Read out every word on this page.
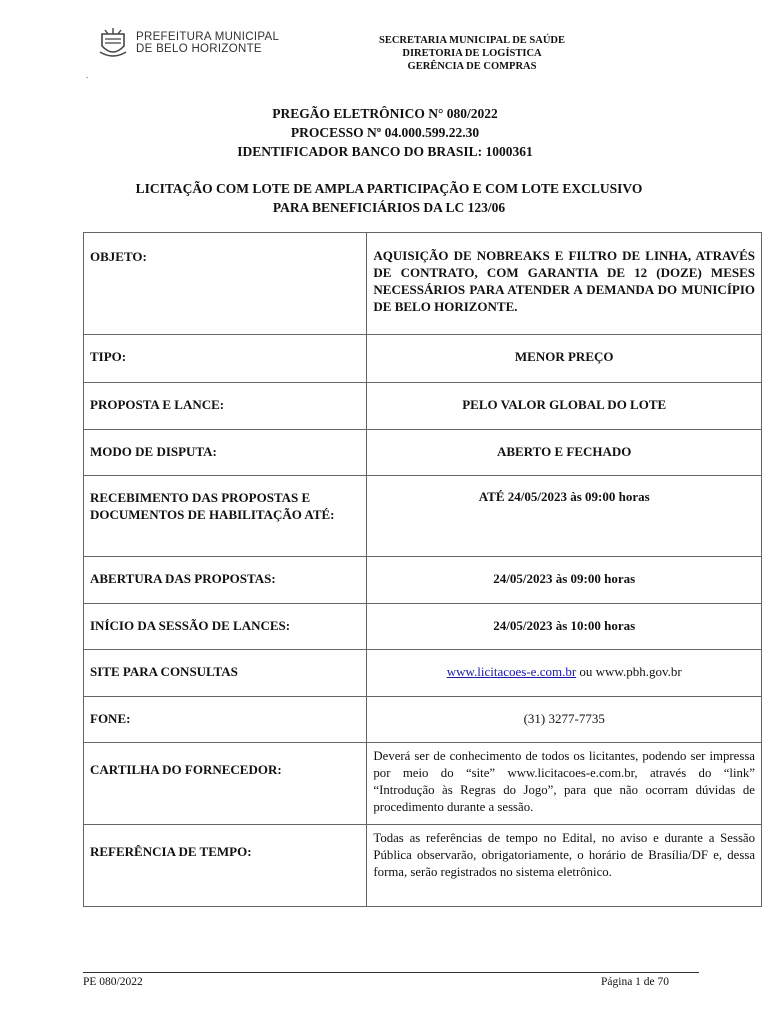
PREFEITURA MUNICIPAL
DE BELO HORIZONTE
.
SECRETARIA MUNICIPAL DE SAÚDE
DIRETORIA DE LOGÍSTICA
GERÊNCIA DE COMPRAS
PREGÃO ELETRÔNICO N° 080/2022
PROCESSO Nº 04.000.599.22.30
IDENTIFICADOR BANCO DO BRASIL: 1000361
LICITAÇÃO COM LOTE DE AMPLA PARTICIPAÇÃO E COM LOTE EXCLUSIVO
PARA BENEFICIÁRIOS DA LC 123/06
OBJETO:	AQUISIÇÃO DE NOBREAKS E FILTRO DE LINHA, ATRAVÉS DE CONTRATO, COM GARANTIA DE 12 (DOZE) MESES NECESSÁRIOS PARA ATENDER A DEMANDA DO MUNICÍPIO DE BELO HORIZONTE.
TIPO:	MENOR PREÇO
PROPOSTA E LANCE:	PELO VALOR GLOBAL DO LOTE
MODO DE DISPUTA:	ABERTO E FECHADO
RECEBIMENTO DAS PROPOSTAS E DOCUMENTOS DE HABILITAÇÃO ATÉ:	ATÉ 24/05/2023 às 09:00 horas
ABERTURA DAS PROPOSTAS:	24/05/2023 às 09:00 horas
INÍCIO DA SESSÃO DE LANCES:	24/05/2023 às 10:00 horas
SITE PARA CONSULTAS	www.licitacoes-e.com.br ou www.pbh.gov.br
FONE:	(31) 3277-7735
CARTILHA DO FORNECEDOR:	Deverá ser de conhecimento de todos os licitantes, podendo ser impressa por meio do “site” www.licitacoes-e.com.br, através do “link” “Introdução às Regras do Jogo”, para que não ocorram dúvidas de procedimento durante a sessão.
REFERÊNCIA DE TEMPO:	Todas as referências de tempo no Edital, no aviso e durante a Sessão Pública observarão, obrigatoriamente, o horário de Brasília/DF e, dessa forma, serão registrados no sistema eletrônico.
PE 080/2022	Página 1 de 70
